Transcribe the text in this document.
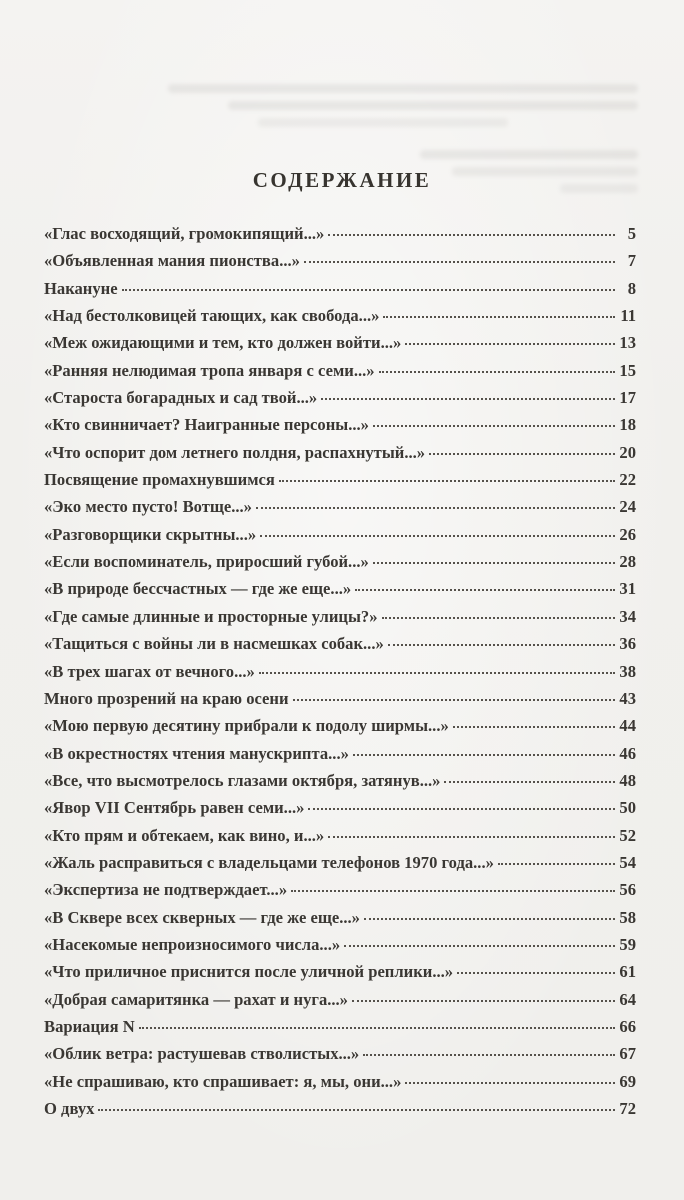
СОДЕРЖАНИЕ
«Глас восходящий, громокипящий...»	5
«Объявленная мания пионства...»	7
Накануне	8
«Над бестолковицей тающих, как свобода...»	11
«Меж ожидающими и тем, кто должен войти...»	13
«Ранняя нелюдимая тропа января с семи...»	15
«Староста богарадных и сад твой...»	17
«Кто свинничает? Наигранные персоны...»	18
«Что оспорит дом летнего полдня, распахнутый...»	20
Посвящение промахнувшимся	22
«Эко место пусто! Вотще...»	24
«Разговорщики скрытны...»	26
«Если воспоминатель, приросший губой...»	28
«В природе бессчастных — где же еще...»	31
«Где самые длинные и просторные улицы?»	34
«Тащиться с войны ли в насмешках собак...»	36
«В трех шагах от вечного...»	38
Много прозрений на краю осени	43
«Мою первую десятину прибрали к подолу ширмы...»	44
«В окрестностях чтения манускрипта...»	46
«Все, что высмотрелось глазами октября, затянув...»	48
«Явор VII Сентябрь равен семи...»	50
«Кто прям и обтекаем, как вино, и...»	52
«Жаль расправиться с владельцами телефонов 1970 года...»	54
«Экспертиза не подтверждает...»	56
«В Сквере всех скверных — где же еще...»	58
«Насекомые непроизносимого числа...»	59
«Что приличное приснится после уличной реплики...»	61
«Добрая самаритянка — рахат и нуга...»	64
Вариация N	66
«Облик ветра: растушевав стволистых...»	67
«Не спрашиваю, кто спрашивает: я, мы, они...»	69
О двух	72
